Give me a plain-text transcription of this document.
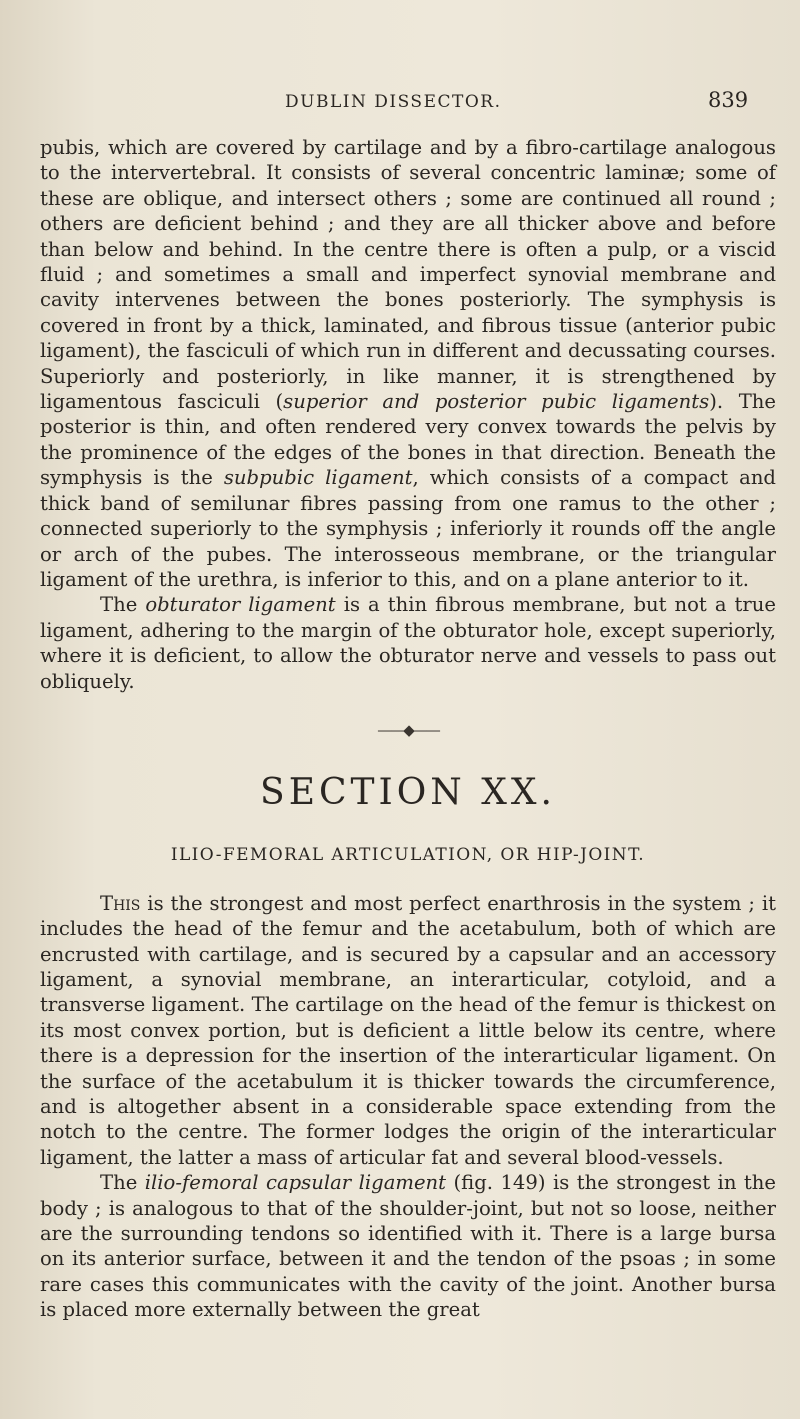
DUBLIN DISSECTOR.	839

pubis, which are covered by cartilage and by a fibro-cartilage analogous to the intervertebral. It consists of several concentric laminæ; some of these are oblique, and intersect others ; some are continued all round ; others are deficient behind ; and they are all thicker above and before than below and behind. In the centre there is often a pulp, or a viscid fluid ; and sometimes a small and imperfect synovial membrane and cavity intervenes between the bones posteriorly. The symphysis is covered in front by a thick, laminated, and fibrous tissue (anterior pubic ligament), the fasciculi of which run in different and decussating courses. Superiorly and posteriorly, in like manner, it is strengthened by ligamentous fasciculi (superior and posterior pubic ligaments). The posterior is thin, and often rendered very convex towards the pelvis by the prominence of the edges of the bones in that direction. Beneath the symphysis is the subpubic ligament, which consists of a compact and thick band of semilunar fibres passing from one ramus to the other ; connected superiorly to the symphysis ; inferiorly it rounds off the angle or arch of the pubes. The interosseous membrane, or the triangular ligament of the urethra, is inferior to this, and on a plane anterior to it.

The obturator ligament is a thin fibrous membrane, but not a true ligament, adhering to the margin of the obturator hole, except superiorly, where it is deficient, to allow the obturator nerve and vessels to pass out obliquely.

——◆——
SECTION XX.
ILIO-FEMORAL ARTICULATION, OR HIP-JOINT.

This is the strongest and most perfect enarthrosis in the system ; it includes the head of the femur and the acetabulum, both of which are encrusted with cartilage, and is secured by a capsular and an accessory ligament, a synovial membrane, an interarticular, cotyloid, and a transverse ligament. The cartilage on the head of the femur is thickest on its most convex portion, but is deficient a little below its centre, where there is a depression for the insertion of the interarticular ligament. On the surface of the acetabulum it is thicker towards the circumference, and is altogether absent in a considerable space extending from the notch to the centre. The former lodges the origin of the interarticular ligament, the latter a mass of articular fat and several blood-vessels.

The ilio-femoral capsular ligament (fig. 149) is the strongest in the body ; is analogous to that of the shoulder-joint, but not so loose, neither are the surrounding tendons so identified with it. There is a large bursa on its anterior surface, between it and the tendon of the psoas ; in some rare cases this communicates with the cavity of the joint. Another bursa is placed more externally between the great
